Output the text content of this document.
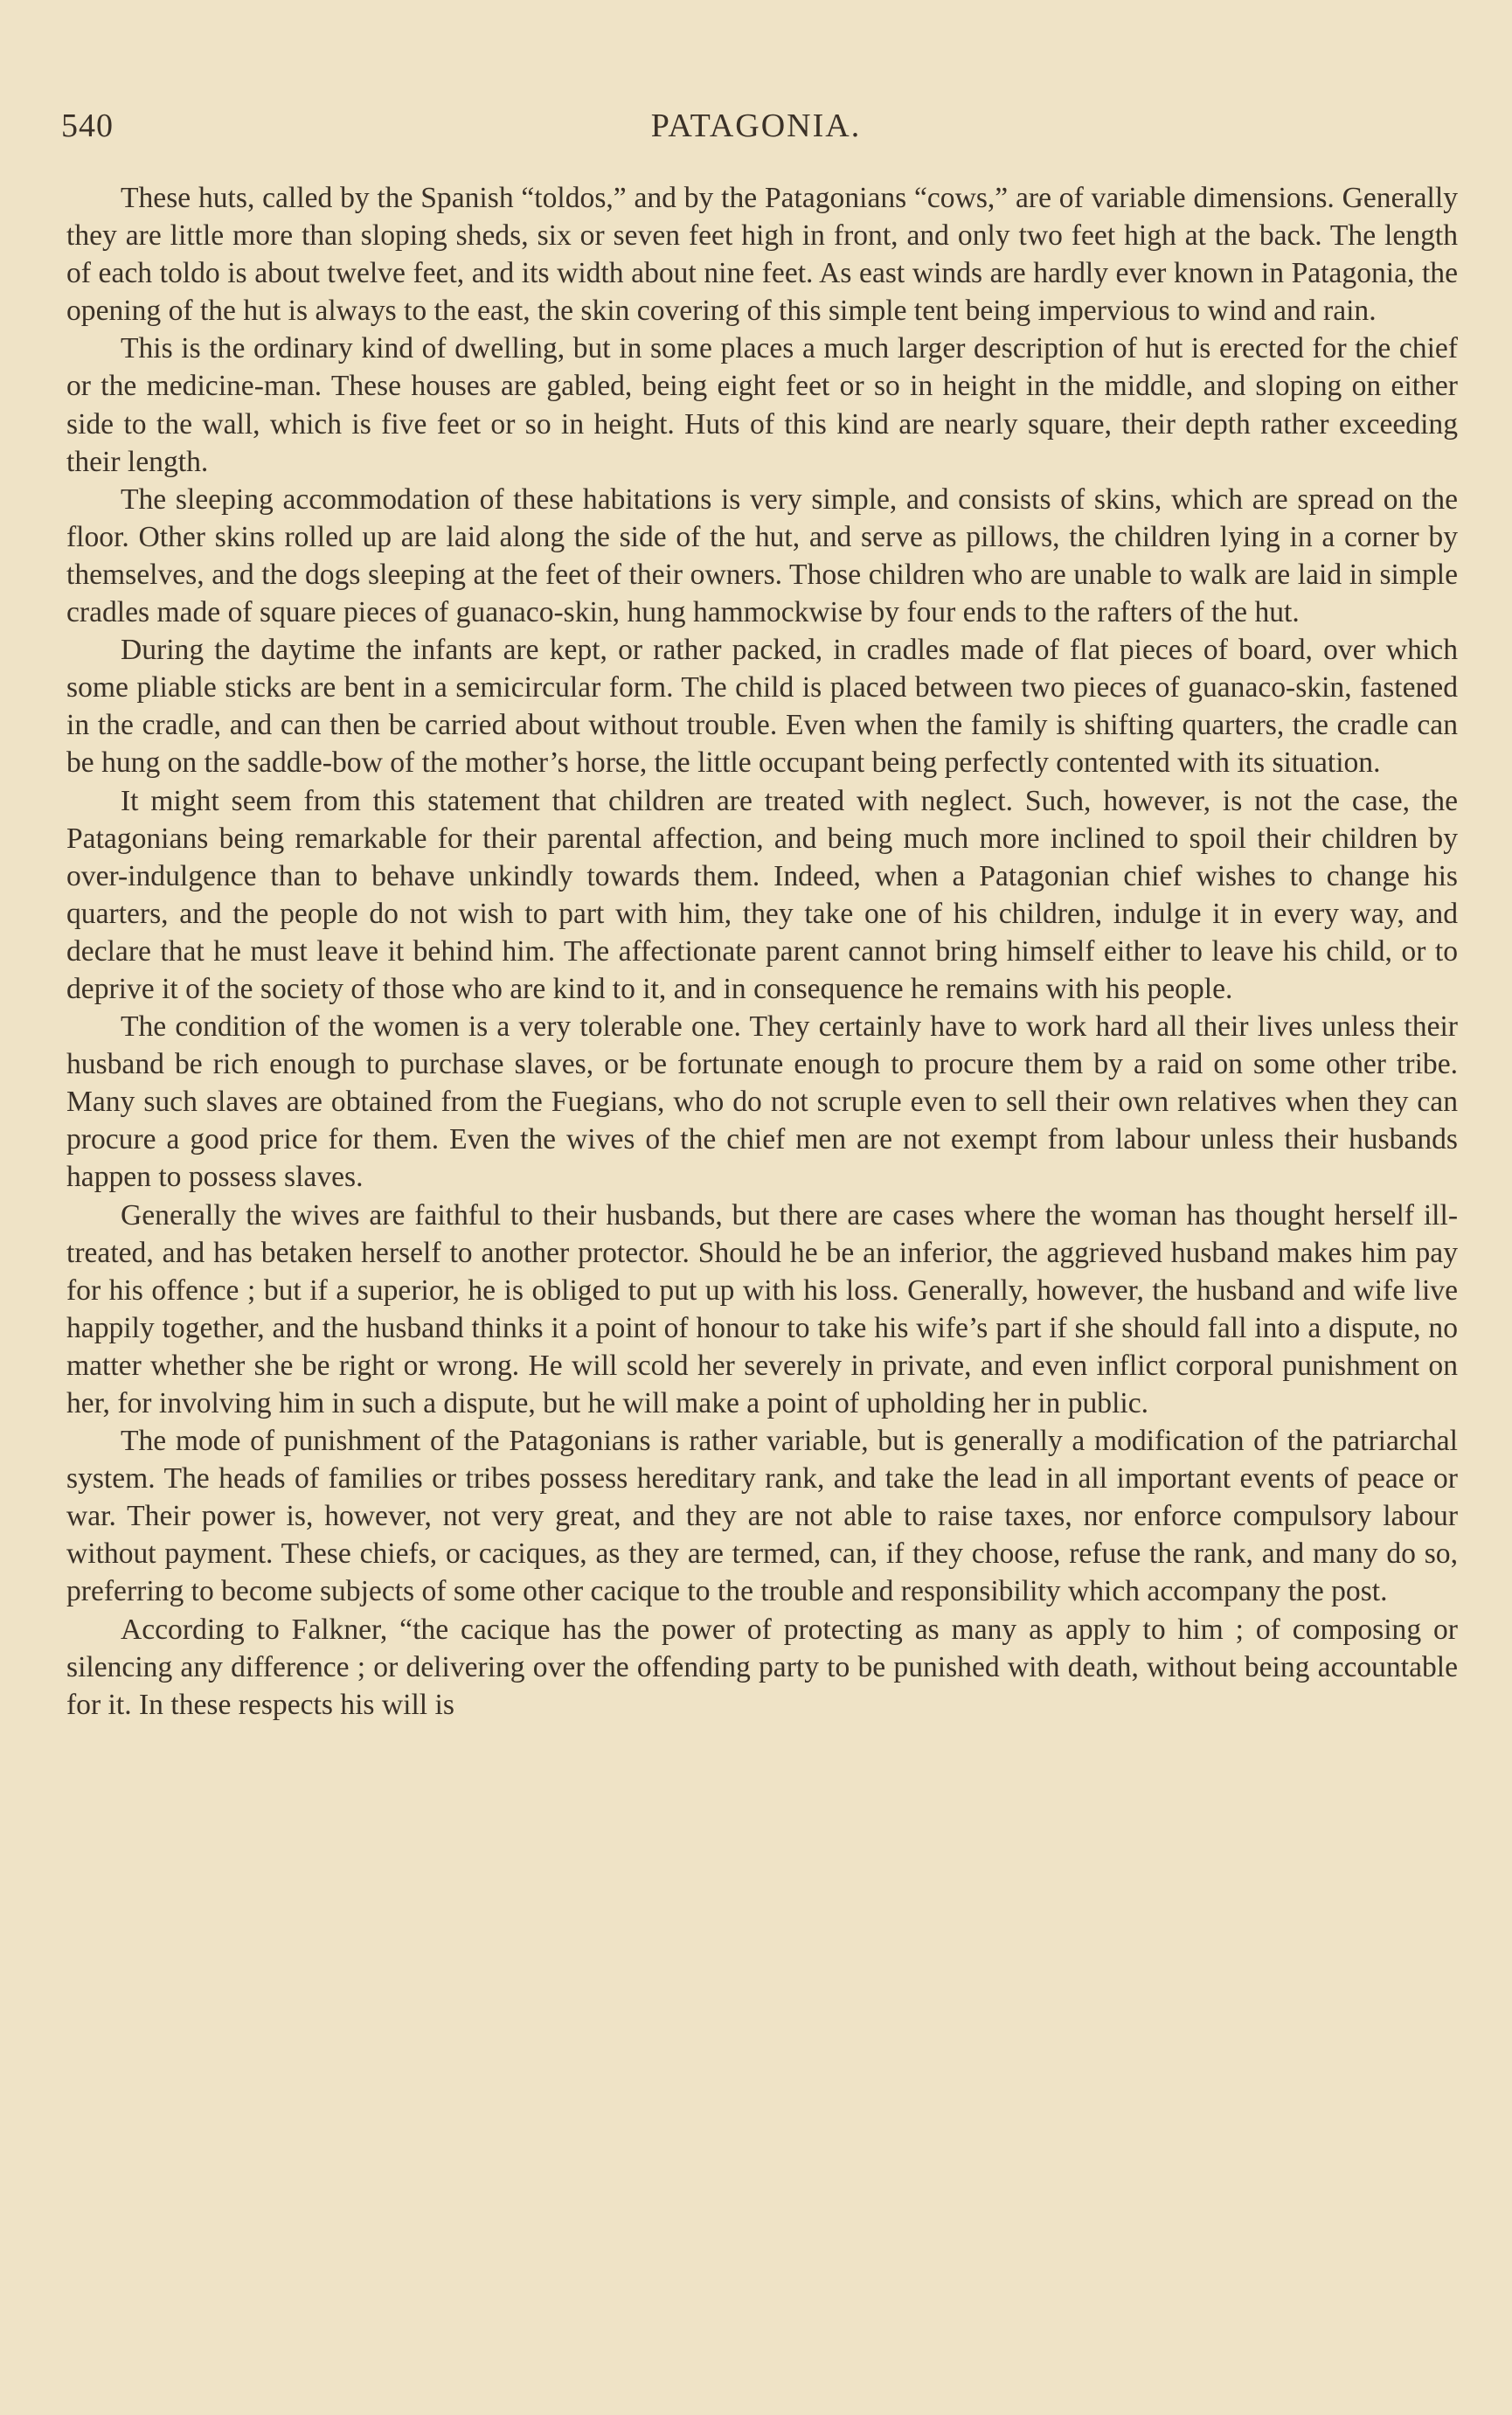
540	PATAGONIA.

These huts, called by the Spanish “toldos,” and by the Patagonians “cows,” are of variable dimensions. Generally they are little more than sloping sheds, six or seven feet high in front, and only two feet high at the back. The length of each toldo is about twelve feet, and its width about nine feet. As east winds are hardly ever known in Patagonia, the opening of the hut is always to the east, the skin covering of this simple tent being impervious to wind and rain.

This is the ordinary kind of dwelling, but in some places a much larger description of hut is erected for the chief or the medicine-man. These houses are gabled, being eight feet or so in height in the middle, and sloping on either side to the wall, which is five feet or so in height. Huts of this kind are nearly square, their depth rather exceeding their length.

The sleeping accommodation of these habitations is very simple, and consists of skins, which are spread on the floor. Other skins rolled up are laid along the side of the hut, and serve as pillows, the children lying in a corner by themselves, and the dogs sleeping at the feet of their owners. Those children who are unable to walk are laid in simple cradles made of square pieces of guanaco-skin, hung hammockwise by four ends to the rafters of the hut.

During the daytime the infants are kept, or rather packed, in cradles made of flat pieces of board, over which some pliable sticks are bent in a semicircular form. The child is placed between two pieces of guanaco-skin, fastened in the cradle, and can then be carried about without trouble. Even when the family is shifting quarters, the cradle can be hung on the saddle-bow of the mother’s horse, the little occupant being perfectly contented with its situation.

It might seem from this statement that children are treated with neglect. Such, however, is not the case, the Patagonians being remarkable for their parental affection, and being much more inclined to spoil their children by over-indulgence than to behave unkindly towards them. Indeed, when a Patagonian chief wishes to change his quarters, and the people do not wish to part with him, they take one of his children, indulge it in every way, and declare that he must leave it behind him. The affectionate parent cannot bring himself either to leave his child, or to deprive it of the society of those who are kind to it, and in consequence he remains with his people.

The condition of the women is a very tolerable one. They certainly have to work hard all their lives unless their husband be rich enough to purchase slaves, or be fortunate enough to procure them by a raid on some other tribe. Many such slaves are obtained from the Fuegians, who do not scruple even to sell their own relatives when they can procure a good price for them. Even the wives of the chief men are not exempt from labour unless their husbands happen to possess slaves.

Generally the wives are faithful to their husbands, but there are cases where the woman has thought herself ill-treated, and has betaken herself to another protector. Should he be an inferior, the aggrieved husband makes him pay for his offence ; but if a superior, he is obliged to put up with his loss. Generally, however, the husband and wife live happily together, and the husband thinks it a point of honour to take his wife’s part if she should fall into a dispute, no matter whether she be right or wrong. He will scold her severely in private, and even inflict corporal punishment on her, for involving him in such a dispute, but he will make a point of upholding her in public.

The mode of punishment of the Patagonians is rather variable, but is generally a modification of the patriarchal system. The heads of families or tribes possess hereditary rank, and take the lead in all important events of peace or war. Their power is, however, not very great, and they are not able to raise taxes, nor enforce compulsory labour without payment. These chiefs, or caciques, as they are termed, can, if they choose, refuse the rank, and many do so, preferring to become subjects of some other cacique to the trouble and responsibility which accompany the post.

According to Falkner, “the cacique has the power of protecting as many as apply to him ; of composing or silencing any difference ; or delivering over the offending party to be punished with death, without being accountable for it. In these respects his will is
